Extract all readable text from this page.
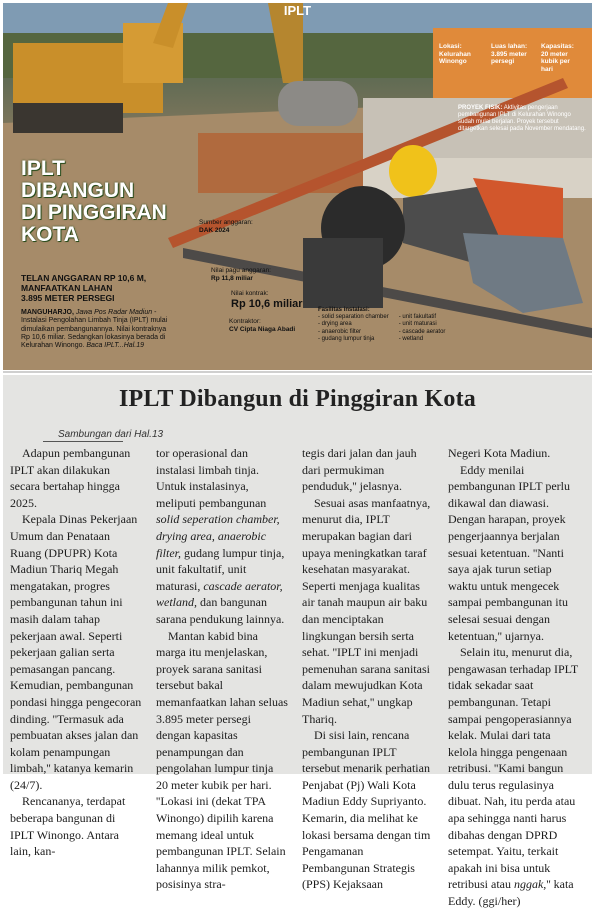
IPLT
IPLT
DIBANGUN
DI PINGGIRAN
KOTA
TELAN ANGGARAN RP 10,6 M,
MANFAATKAN LAHAN
3.895 METER PERSEGI
MANGUHARJO, Jawa Pos Radar Madiun - Instalasi Pengolahan Limbah Tinja (IPLT) mulai dimulaikan pembangunannya. Nilai kontraknya Rp 10,6 miliar. Sedangkan lokasinya berada di Kelurahan Winongo. Baca IPLT...Hal.19
Lokasi:
Kelurahan
Winongo
Luas lahan:
3.895 meter
persegi
Kapasitas:
20 meter
kubik per
hari
PROYEK FISIK: Aktivitas pengerjaan pembangunan IPLT di Kelurahan Winongo sudah mulai berjalan. Proyek tersebut ditargetkan selesai pada November mendatang.
Sumber anggaran:
DAK 2024
Nilai pagu anggaran:
Rp 11,8 miliar
Nilai kontrak:
Rp 10,6 miliar
Kontraktor:
CV Cipta Niaga Abadi
Fasilitas instalasi:
- solid separation chamber
- drying area
- anaerobic filter
- gudang lumpur tinja
- unit fakultatif
- unit maturasi
- cascade aerator
- wetland
IPLT Dibangun di Pinggiran Kota
Sambungan dari Hal.13

Adapun pembangunan IPLT akan dilakukan secara bertahap hingga 2025.

Kepala Dinas Pekerjaan Umum dan Penataan Ruang (DPUPR) Kota Madiun Thariq Megah mengatakan, progres pembangunan tahun ini masih dalam tahap pekerjaan awal. Seperti pekerjaan galian serta pemasangan pancang. Kemudian, pembangunan pondasi hingga pengecoran dinding. ''Termasuk ada pembuatan akses jalan dan kolam penampungan limbah,'' katanya kemarin (24/7).

Rencananya, terdapat beberapa bangunan di IPLT Winongo. Antara lain, kan-

tor operasional dan instalasi limbah tinja. Untuk instalasinya, meliputi pembangunan solid seperation chamber, drying area, anaerobic filter, gudang lumpur tinja, unit fakultatif, unit maturasi, cascade aerator, wetland, dan bangunan sarana pendukung lainnya.

Mantan kabid bina marga itu menjelaskan, proyek sarana sanitasi tersebut bakal memanfaatkan lahan seluas 3.895 meter persegi dengan kapasitas penampungan dan pengolahan lumpur tinja 20 meter kubik per hari. ''Lokasi ini (dekat TPA Winongo) dipilih karena memang ideal untuk pembangunan IPLT. Selain lahannya milik pemkot, posisinya stra-

tegis dari jalan dan jauh dari permukiman penduduk,'' jelasnya.

Sesuai asas manfaatnya, menurut dia, IPLT merupakan bagian dari upaya meningkatkan taraf kesehatan masyarakat. Seperti menjaga kualitas air tanah maupun air baku dan menciptakan lingkungan bersih serta sehat. ''IPLT ini menjadi pemenuhan sarana sanitasi dalam mewujudkan Kota Madiun sehat,'' ungkap Thariq.

Di sisi lain, rencana pembangunan IPLT tersebut menarik perhatian Penjabat (Pj) Wali Kota Madiun Eddy Supriyanto. Kemarin, dia melihat ke lokasi bersama dengan tim Pengamanan Pembangunan Strategis (PPS) Kejaksaan

Negeri Kota Madiun.

Eddy menilai pembangunan IPLT perlu dikawal dan diawasi. Dengan harapan, proyek pengerjaannya berjalan sesuai ketentuan. ''Nanti saya ajak turun setiap waktu untuk mengecek sampai pembangunan itu selesai sesuai dengan ketentuan,'' ujarnya.

Selain itu, menurut dia, pengawasan terhadap IPLT tidak sekadar saat pembangunan. Tetapi sampai pengoperasiannya kelak. Mulai dari tata kelola hingga pengenaan retribusi. ''Kami bangun dulu terus regulasinya dibuat. Nah, itu perda atau apa sehingga nanti harus dibahas dengan DPRD setempat. Yaitu, terkait apakah ini bisa untuk retribusi atau nggak,'' kata Eddy. (ggi/her)
